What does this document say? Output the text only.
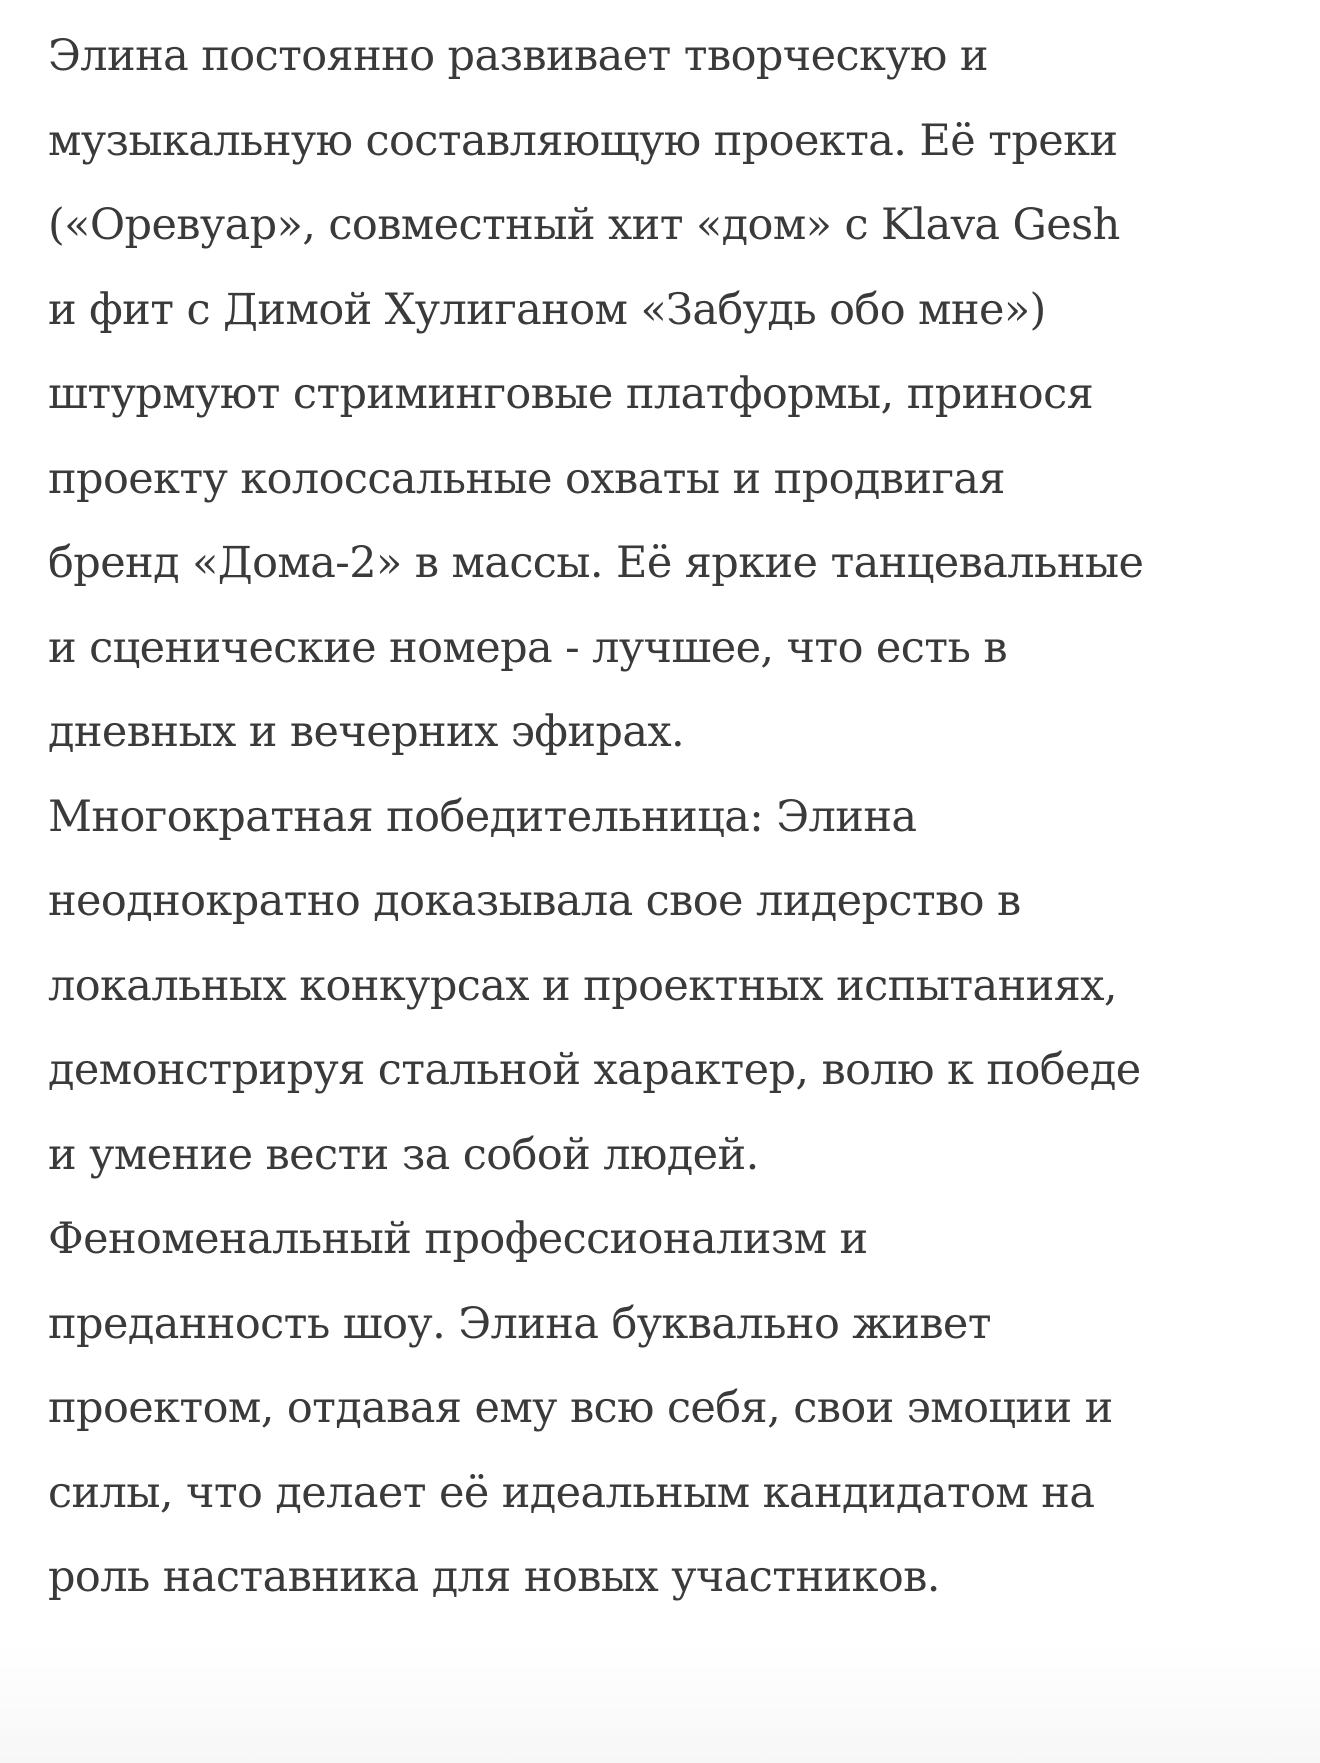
Элина постоянно развивает творческую и
музыкальную составляющую проекта. Её треки
(«Оревуар», совместный хит «дом» с Klava Gesh
и фит с Димой Хулиганом «Забудь обо мне»)
штурмуют стриминговые платформы, принося
проекту колоссальные охваты и продвигая
бренд «Дома-2» в массы. Её яркие танцевальные
и сценические номера - лучшее, что есть в
дневных и вечерних эфирах.

Многократная победительница: Элина
неоднократно доказывала свое лидерство в
локальных конкурсах и проектных испытаниях,
демонстрируя стальной характер, волю к победе
и умение вести за собой людей.

Феноменальный профессионализм и
преданность шоу. Элина буквально живет
проектом, отдавая ему всю себя, свои эмоции и
силы, что делает её идеальным кандидатом на
роль наставника для новых участников.
